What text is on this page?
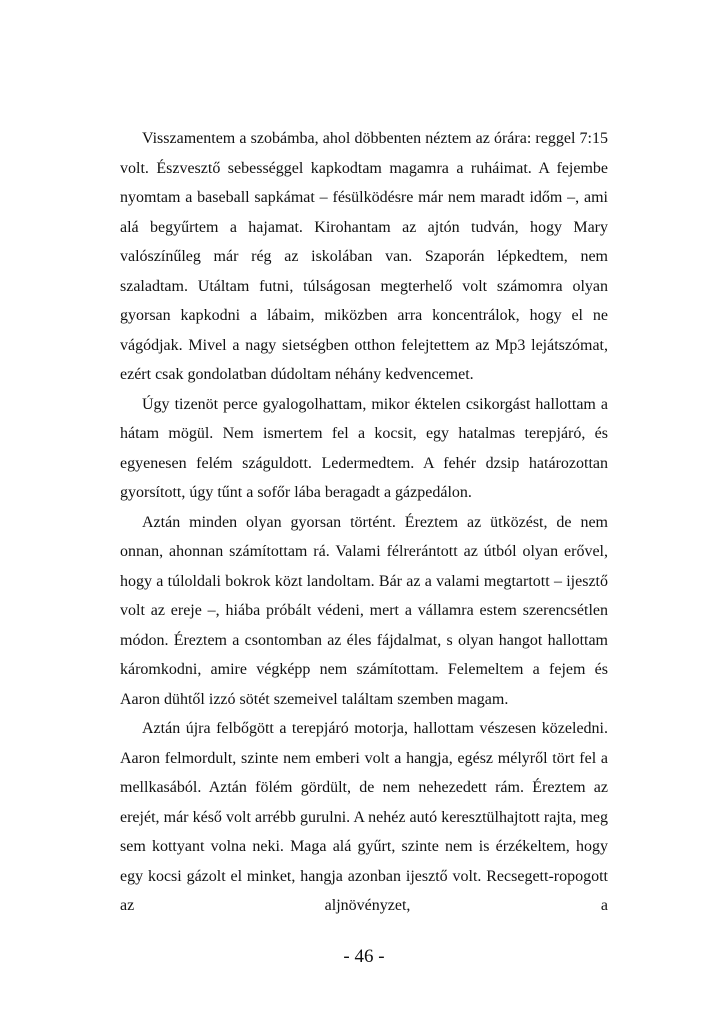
Visszamentem a szobámba, ahol döbbenten néztem az órára: reggel 7:15 volt. Észvesztő sebességgel kapkodtam magamra a ruháimat. A fejembe nyomtam a baseball sapkámat – fésülködésre már nem maradt időm –, ami alá begyűrtem a hajamat. Kirohantam az ajtón tudván, hogy Mary valószínűleg már rég az iskolában van. Szaporán lépkedtem, nem szaladtam. Utáltam futni, túlságosan megterhelő volt számomra olyan gyorsan kapkodni a lábaim, miközben arra koncentrálok, hogy el ne vágódjak. Mivel a nagy sietségben otthon felejtettem az Mp3 lejátszómat, ezért csak gondolatban dúdoltam néhány kedvencemet.

Úgy tizenöt perce gyalogolhattam, mikor éktelen csikorgást hallottam a hátam mögül. Nem ismertem fel a kocsit, egy hatalmas terepjáró, és egyenesen felém száguldott. Ledermedtem. A fehér dzsip határozottan gyorsított, úgy tűnt a sofőr lába beragadt a gázpedálon.

Aztán minden olyan gyorsan történt. Éreztem az ütközést, de nem onnan, ahonnan számítottam rá. Valami félrerántott az útból olyan erővel, hogy a túloldali bokrok közt landoltam. Bár az a valami megtartott – ijesztő volt az ereje –, hiába próbált védeni, mert a vállamra estem szerencsétlen módon. Éreztem a csontomban az éles fájdalmat, s olyan hangot hallottam káromkodni, amire végképp nem számítottam. Felemeltem a fejem és Aaron dühtől izzó sötét szemeivel találtam szemben magam.

Aztán újra felbőgött a terepjáró motorja, hallottam vészesen közeledni. Aaron felmordult, szinte nem emberi volt a hangja, egész mélyről tört fel a mellkasából. Aztán fölém gördült, de nem nehezedett rám. Éreztem az erejét, már késő volt arrébb gurulni. A nehéz autó keresztülhajtott rajta, meg sem kottyant volna neki. Maga alá gyűrt, szinte nem is érzékeltem, hogy egy kocsi gázolt el minket, hangja azonban ijesztő volt. Recsegett-ropogott az aljnövényzet, a

- 46 -
